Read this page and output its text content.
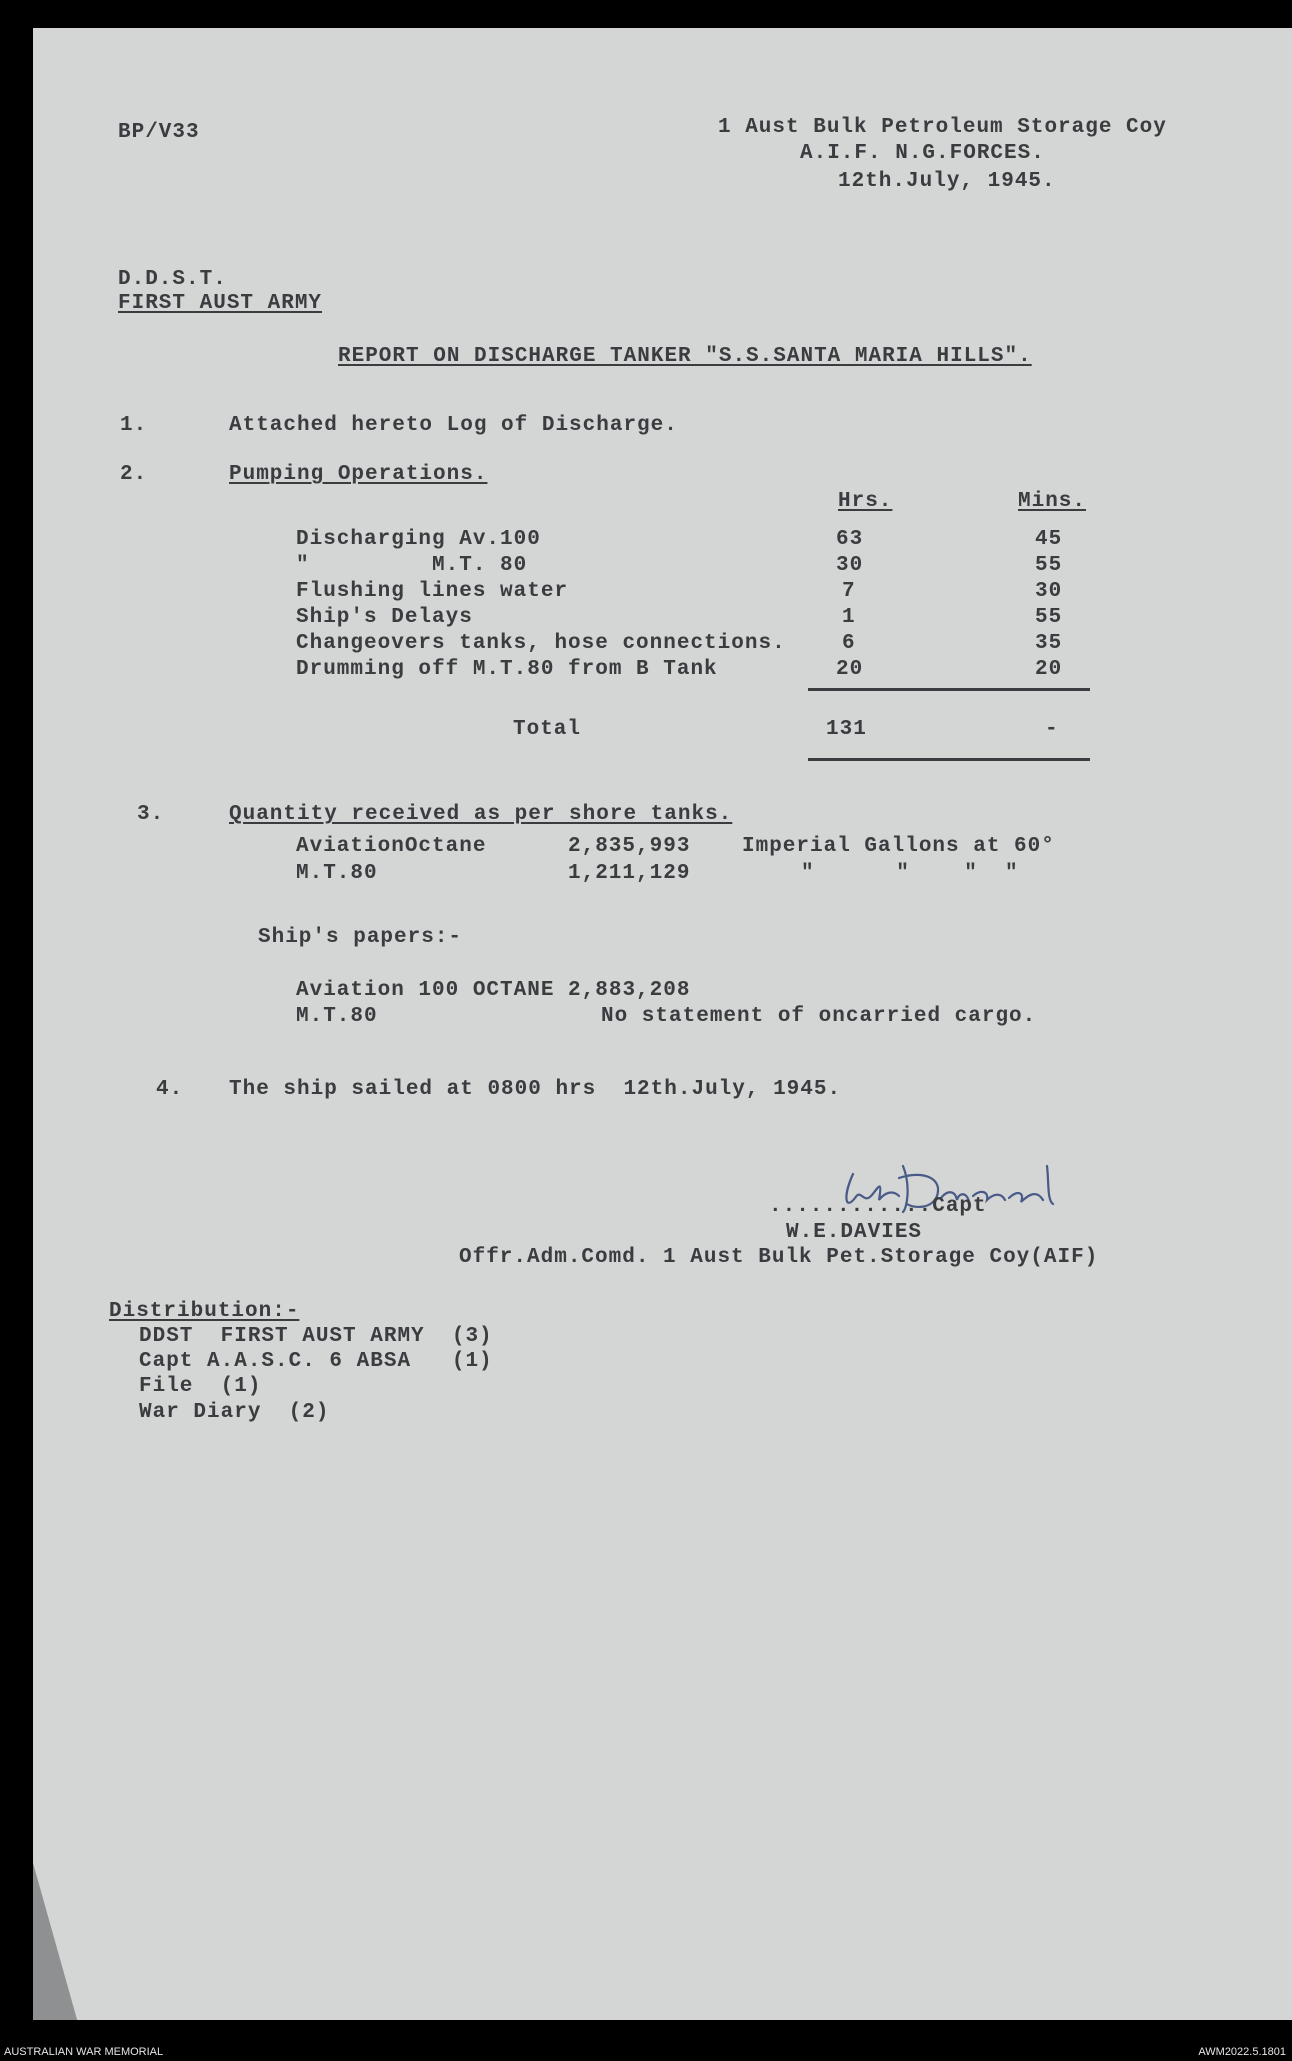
BP/V33	1 Aust Bulk Petroleum Storage Coy
A.I.F. N.G.FORCES.
12th.July, 1945.
D.D.S.T.
FIRST AUST ARMY
REPORT ON DISCHARGE TANKER "S.S.SANTA MARIA HILLS".
1.	Attached hereto Log of Discharge.
2.	Pumping Operations.
Hrs.	Mins.
Discharging Av.100	63	45
"         M.T. 80	30	55
Flushing lines water	7	30
Ship's Delays	1	55
Changeovers tanks, hose connections.	6	35
Drumming off M.T.80 from B Tank	20	20
Total	131	-
3.	Quantity received as per shore tanks.
AviationOctane	2,835,993 Imperial Gallons at 60°
M.T.80	1,211,129	"      "    "  "
Ship's papers:-
Aviation 100 OCTANE 2,883,208
M.T.80	No statement of oncarried cargo.
4. The ship sailed at 0800 hrs  12th.July, 1945.
............Capt
W.E.DAVIES
Offr.Adm.Comd. 1 Aust Bulk Pet.Storage Coy(AIF)
Distribution:-
DDST  FIRST AUST ARMY  (3)
Capt A.A.S.C. 6 ABSA   (1)
File  (1)
War Diary  (2)
AUSTRALIAN WAR MEMORIAL	AWM2022.5.1801
